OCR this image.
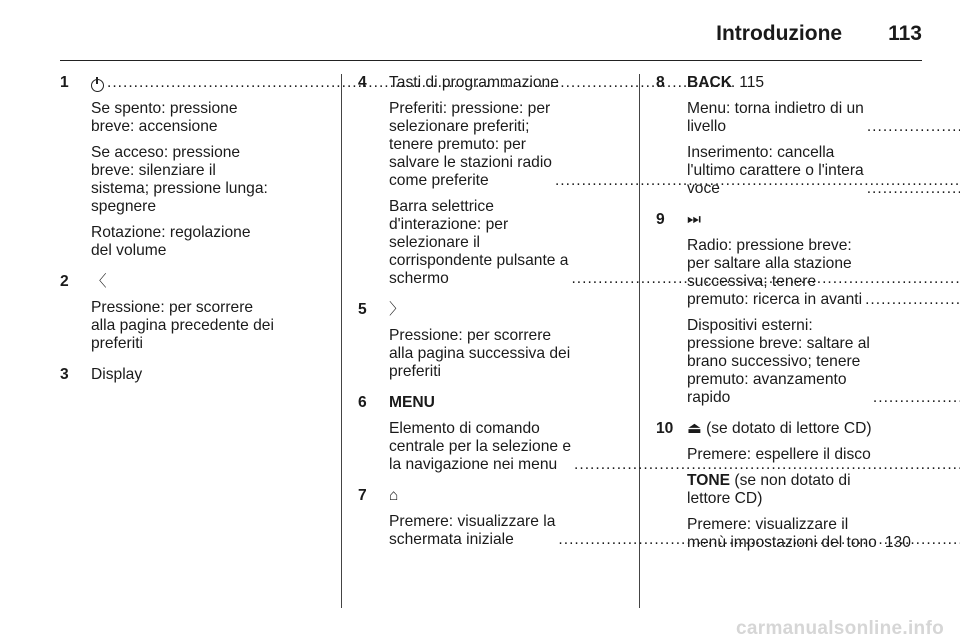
Introduzione 113
1

.....	115

Se spento: pressione
breve: accensione

Se acceso: pressione
breve: silenziare il
sistema; pressione lunga:
spegnere

Rotazione: regolazione
del volume

2	〈

Pressione: per scorrere
alla pagina precedente dei
preferiti

3	Display

4	Tasti di programmazione

Preferiti: pressione: per
selezionare preferiti;
tenere premuto: per
salvare le stazioni radio
come preferite
.....

Barra selettrice
d'interazione: per
selezionare il
corrispondente pulsante a
schermo
.....

5	〉

Pressione: per scorrere
alla pagina successiva dei
preferiti

6	MENU

Elemento di comando
centrale per la selezione e
la navigazione nei menu
.....

7	⌂

Premere: visualizzare la
schermata iniziale
.....

8	BACK

Menu: torna indietro di un
livello
.....

Inserimento: cancella
l'ultimo carattere o l'intera
voce
.....

9	⏭

Radio: pressione breve:
per saltare alla stazione
successiva; tenere
premuto: ricerca in avanti
.....

Dispositivi esterni:
pressione breve: saltare al
brano successivo; tenere
premuto: avanzamento
rapido
.....

10 ⏏ (se dotato di lettore CD)

Premere: espellere il disco

TONE (se non dotato di
lettore CD)

Premere: visualizzare il
menù impostazioni del tono 130

carmanualsonline.info
